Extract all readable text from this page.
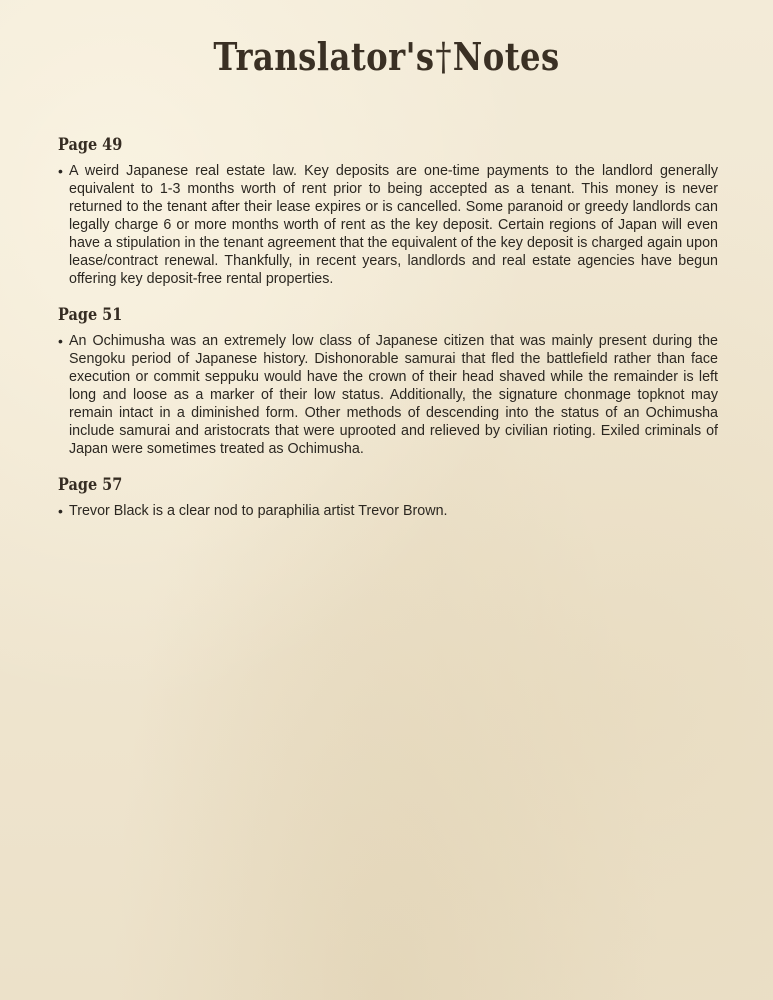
Translator's†Notes
Page 49

• A weird Japanese real estate law. Key deposits are one-time payments to the landlord generally equivalent to 1-3 months worth of rent prior to being accepted as a tenant. This money is never returned to the tenant after their lease expires or is cancelled. Some paranoid or greedy landlords can legally charge 6 or more months worth of rent as the key deposit. Certain regions of Japan will even have a stipulation in the tenant agreement that the equivalent of the key deposit is charged again upon lease/contract renewal. Thankfully, in recent years, landlords and real estate agencies have begun offering key deposit-free rental properties.

Page 51

• An Ochimusha was an extremely low class of Japanese citizen that was mainly present during the Sengoku period of Japanese history. Dishonorable samurai that fled the battlefield rather than face execution or commit seppuku would have the crown of their head shaved while the remainder is left long and loose as a marker of their low status. Additionally, the signature chonmage topknot may remain intact in a diminished form. Other methods of descending into the status of an Ochimusha include samurai and aristocrats that were uprooted and relieved by civilian rioting. Exiled criminals of Japan were sometimes treated as Ochimusha.

Page 57

• Trevor Black is a clear nod to paraphilia artist Trevor Brown.
